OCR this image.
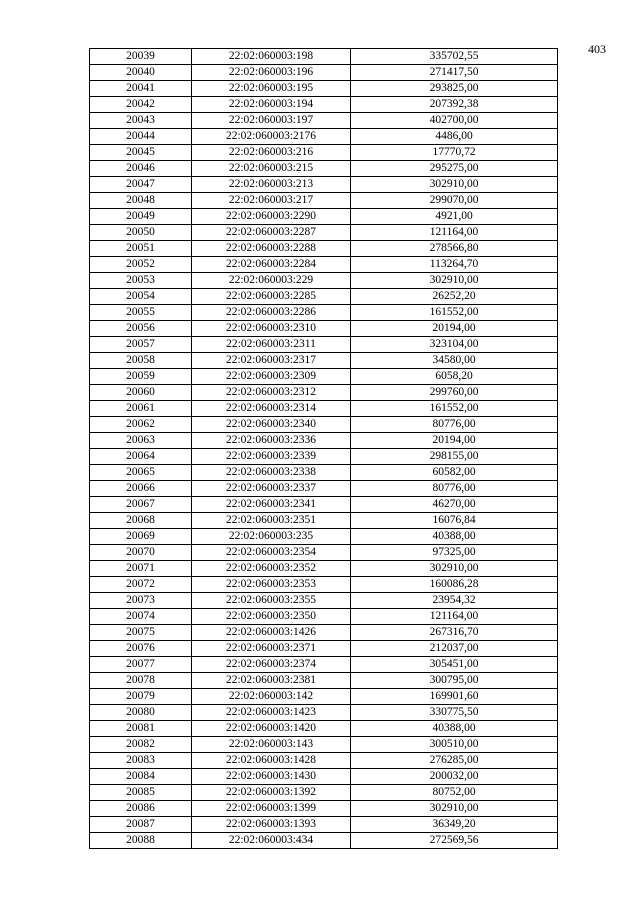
403
20039	22:02:060003:198	335702,55
20040	22:02:060003:196	271417,50
20041	22:02:060003:195	293825,00
20042	22:02:060003:194	207392,38
20043	22:02:060003:197	402700,00
20044	22:02:060003:2176	4486,00
20045	22:02:060003:216	17770,72
20046	22:02:060003:215	295275,00
20047	22:02:060003:213	302910,00
20048	22:02:060003:217	299070,00
20049	22:02:060003:2290	4921,00
20050	22:02:060003:2287	121164,00
20051	22:02:060003:2288	278566,80
20052	22:02:060003:2284	113264,70
20053	22:02:060003:229	302910,00
20054	22:02:060003:2285	26252,20
20055	22:02:060003:2286	161552,00
20056	22:02:060003:2310	20194,00
20057	22:02:060003:2311	323104,00
20058	22:02:060003:2317	34580,00
20059	22:02:060003:2309	6058,20
20060	22:02:060003:2312	299760,00
20061	22:02:060003:2314	161552,00
20062	22:02:060003:2340	80776,00
20063	22:02:060003:2336	20194,00
20064	22:02:060003:2339	298155,00
20065	22:02:060003:2338	60582,00
20066	22:02:060003:2337	80776,00
20067	22:02:060003:2341	46270,00
20068	22:02:060003:2351	16076,84
20069	22:02:060003:235	40388,00
20070	22:02:060003:2354	97325,00
20071	22:02:060003:2352	302910,00
20072	22:02:060003:2353	160086,28
20073	22:02:060003:2355	23954,32
20074	22:02:060003:2350	121164,00
20075	22:02:060003:1426	267316,70
20076	22:02:060003:2371	212037,00
20077	22:02:060003:2374	305451,00
20078	22:02:060003:2381	300795,00
20079	22:02:060003:142	169901,60
20080	22:02:060003:1423	330775,50
20081	22:02:060003:1420	40388,00
20082	22:02:060003:143	300510,00
20083	22:02:060003:1428	276285,00
20084	22:02:060003:1430	200032,00
20085	22:02:060003:1392	80752,00
20086	22:02:060003:1399	302910,00
20087	22:02:060003:1393	36349,20
20088	22:02:060003:434	272569,56
